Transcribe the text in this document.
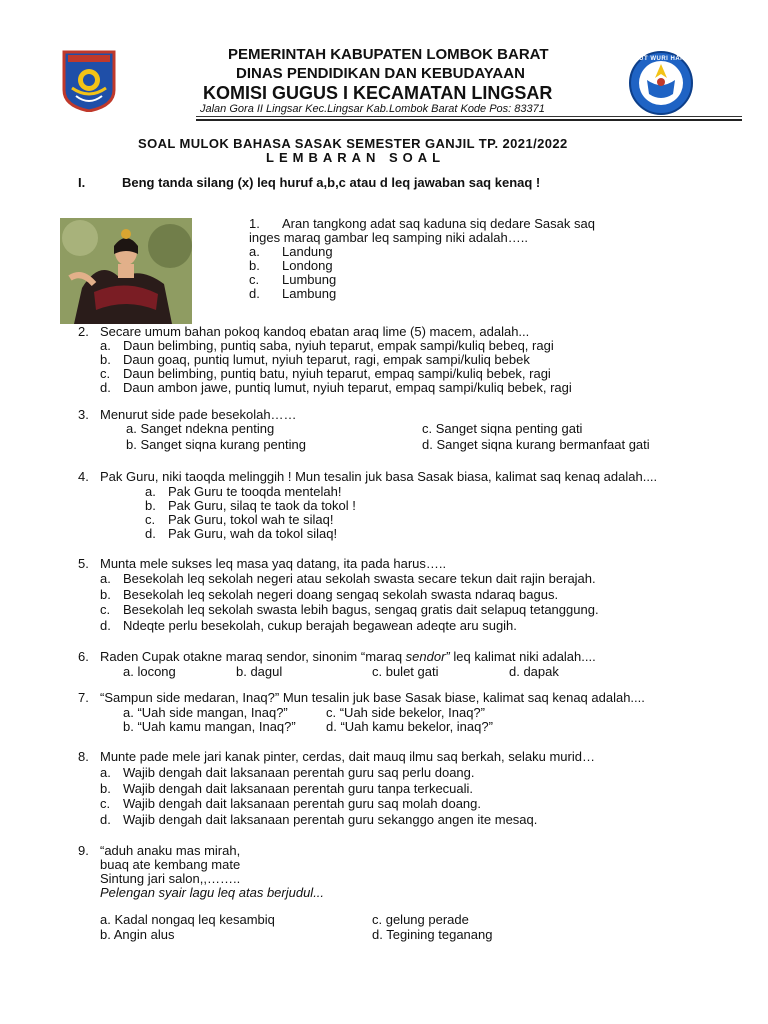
TUT WURI HANDAYANI
PEMERINTAH KABUPATEN LOMBOK BARAT
DINAS PENDIDIKAN DAN KEBUDAYAAN
KOMISI GUGUS I KECAMATAN LINGSAR
Jalan Gora II Lingsar Kec.Lingsar Kab.Lombok Barat Kode Pos: 83371
SOAL MULOK BAHASA SASAK SEMESTER GANJIL TP. 2021/2022
LEMBARAN SOAL
I.	Beng tanda silang (x) leq huruf a,b,c atau d leq jawaban saq kenaq !
1. Aran tangkong adat saq kaduna siq dedare Sasak saq
inges maraq gambar leq samping niki adalah…..
a. Landung
b. Londong
c. Lumbung
d. Lambung
2. Secare umum bahan pokoq kandoq ebatan araq lime (5) macem, adalah...
a. Daun belimbing, puntiq saba, nyiuh teparut, empak sampi/kuliq bebeq, ragi
b. Daun goaq, puntiq lumut, nyiuh teparut, ragi, empak sampi/kuliq bebek
c. Daun belimbing, puntiq batu, nyiuh teparut, empaq sampi/kuliq bebek, ragi
d. Daun ambon jawe, puntiq lumut, nyiuh teparut, empaq sampi/kuliq bebek, ragi
3. Menurut side pade besekolah……
a. Sanget ndekna penting	c. Sanget siqna penting gati
b. Sanget siqna kurang penting	d. Sanget siqna kurang bermanfaat gati
4. Pak Guru, niki taoqda melinggih ! Mun tesalin juk basa Sasak biasa, kalimat saq kenaq adalah....
a. Pak Guru te tooqda mentelah!
b. Pak Guru, silaq te taok da tokol !
c. Pak Guru, tokol wah te silaq!
d. Pak Guru, wah da tokol silaq!
5. Munta mele sukses leq masa yaq datang, ita pada harus…..
a. Besekolah leq sekolah negeri atau sekolah swasta secare tekun dait rajin berajah.
b. Besekolah leq sekolah negeri doang sengaq sekolah swasta ndaraq bagus.
c. Besekolah leq sekolah swasta lebih bagus, sengaq gratis dait selapuq tetanggung.
d. Ndeqte perlu besekolah, cukup berajah begawean adeqte aru sugih.
6. Raden Cupak otakne maraq sendor, sinonim “maraq sendor” leq kalimat niki adalah....
a. locong	b. dagul	c. bulet gati	d. dapak
7. “Sampun side medaran, Inaq?” Mun tesalin juk base Sasak biase, kalimat saq kenaq adalah....
a. “Uah side mangan, Inaq?”	c. “Uah side bekelor, Inaq?”
b. “Uah kamu mangan, Inaq?” d. “Uah kamu bekelor, inaq?”
8. Munte pade mele jari kanak pinter, cerdas, dait mauq ilmu saq berkah, selaku murid…
a. Wajib dengah dait laksanaan perentah guru saq perlu doang.
b. Wajib dengah dait laksanaan perentah guru tanpa terkecuali.
c. Wajib dengah dait laksanaan perentah guru saq molah doang.
d. Wajib dengah dait laksanaan perentah guru sekanggo angen ite mesaq.
9. “aduh anaku mas mirah,
buaq ate kembang mate
Sintung jari salon,,……..
Pelengan syair lagu leq atas berjudul...
a. Kadal nongaq leq kesambiq	c. gelung perade
b. Angin alus	d. Tegining teganang
